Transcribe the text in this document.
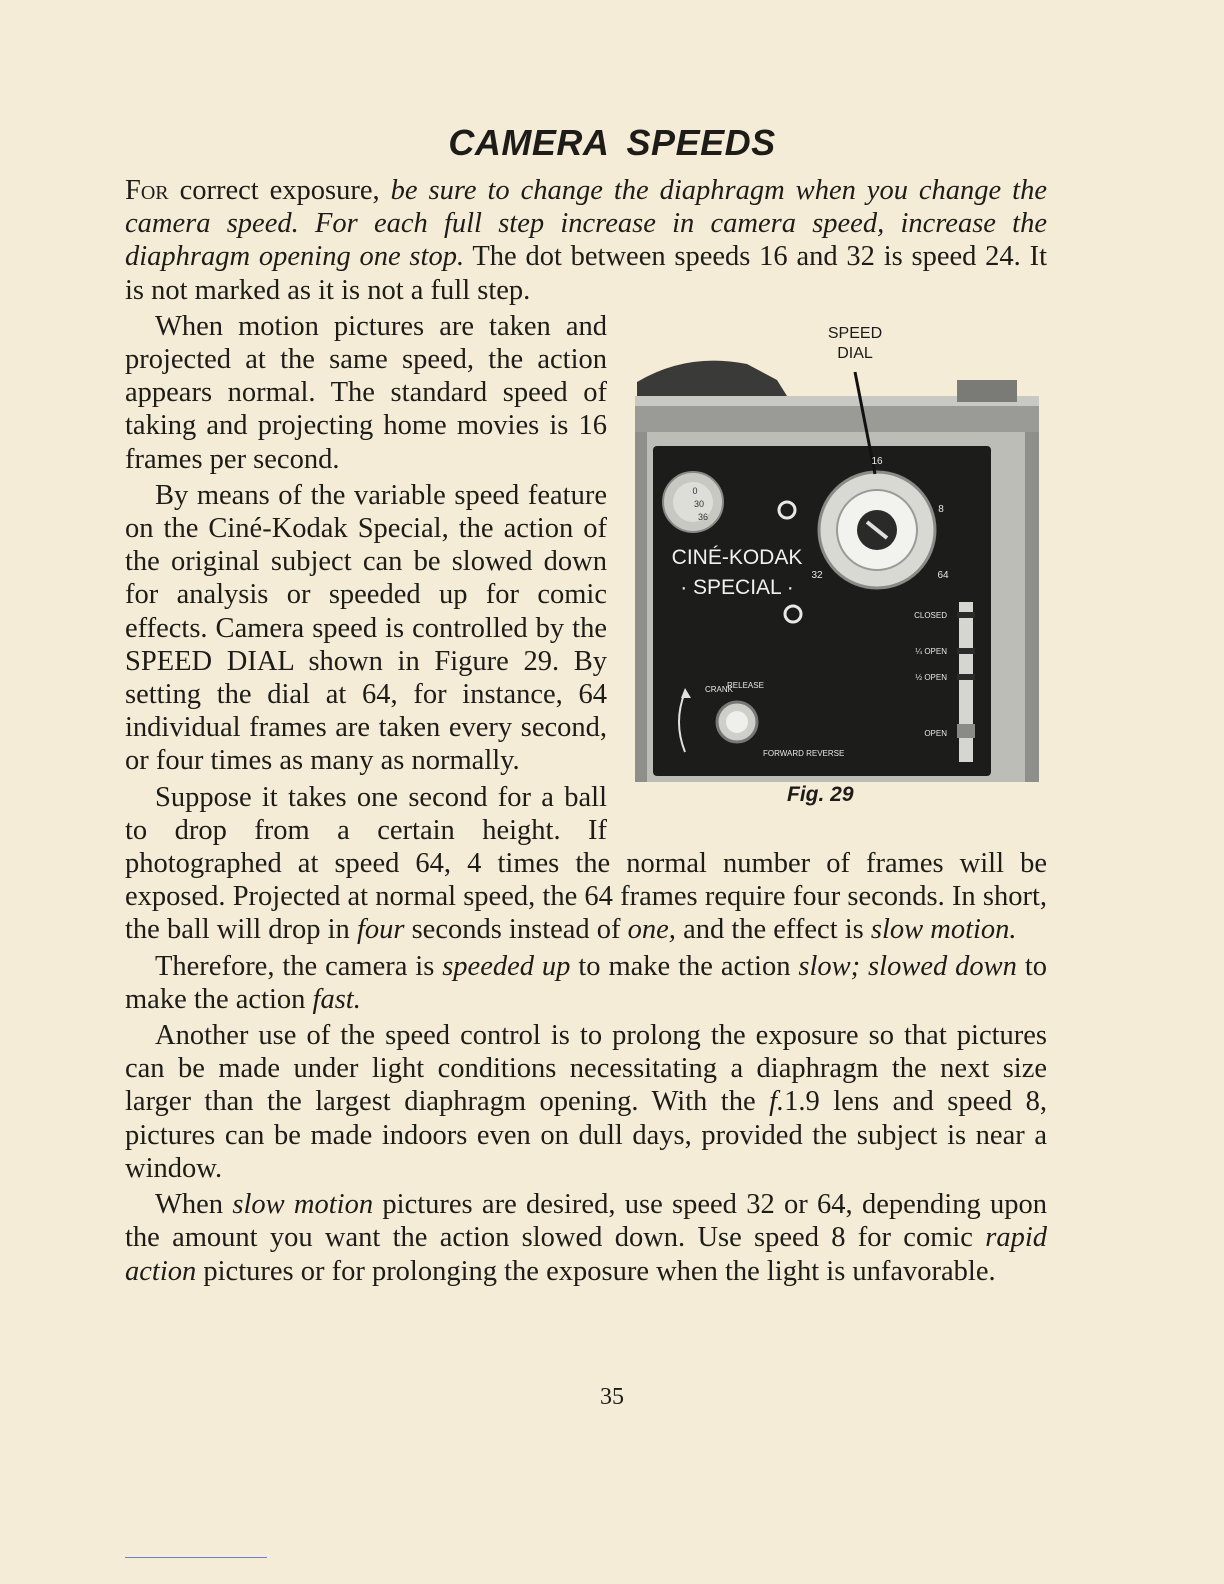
CAMERA SPEEDS

For correct exposure, be sure to change the diaphragm when you change the camera speed. For each full step increase in camera speed, increase the diaphragm opening one stop. The dot between speeds 16 and 32 is speed 24. It is not marked as it is not a full step.

SPEED
DIAL
CINÉ-KODAK
· SPECIAL ·
16
8
32	64
0
30
36
CLOSED
¼ OPEN
½ OPEN
OPEN
CRANK
RELEASE
FORWARD REVERSE
Fig. 29

When motion pictures are taken and projected at the same speed, the action appears normal. The standard speed of taking and projecting home movies is 16 frames per second.

By means of the variable speed feature on the Ciné-Kodak Special, the action of the original subject can be slowed down for analysis or speeded up for comic effects. Camera speed is controlled by the SPEED DIAL shown in Figure 29. By setting the dial at 64, for instance, 64 individual frames are taken every second, or four times as many as normally.

Suppose it takes one second for a ball to drop from a certain height. If photographed at speed 64, 4 times the normal number of frames will be exposed. Projected at normal speed, the 64 frames require four seconds. In short, the ball will drop in four seconds instead of one, and the effect is slow motion.

Therefore, the camera is speeded up to make the action slow; slowed down to make the action fast.

Another use of the speed control is to prolong the exposure so that pictures can be made under light conditions necessitating a diaphragm the next size larger than the largest diaphragm opening. With the f.1.9 lens and speed 8, pictures can be made indoors even on dull days, provided the subject is near a window.

When slow motion pictures are desired, use speed 32 or 64, depending upon the amount you want the action slowed down. Use speed 8 for comic rapid action pictures or for prolonging the exposure when the light is unfavorable.

35
